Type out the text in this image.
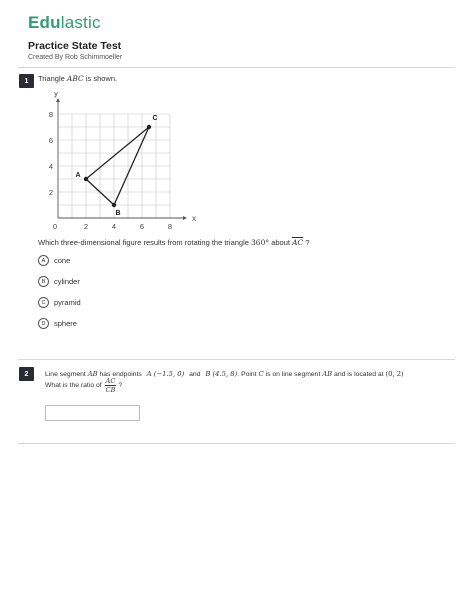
Edulastic
Practice State Test
Created By Rob Schimmoeller
1	Triangle ABC is shown.
x
y
0	2	4	6	8
2
4
6
8
A
B
C
Which three-dimensional figure results from rotating the triangle 360° about $\overline{AC}$ ?
A	cone
B	cylinder
C	pyramid
D	sphere
2	Line segment AB has endpoints A (−1.5, 0) and B (4.5, 8). Point C is on line segment AB and is located at (0, 2)
What is the ratio of $\frac{AC}{CB}$ ?
